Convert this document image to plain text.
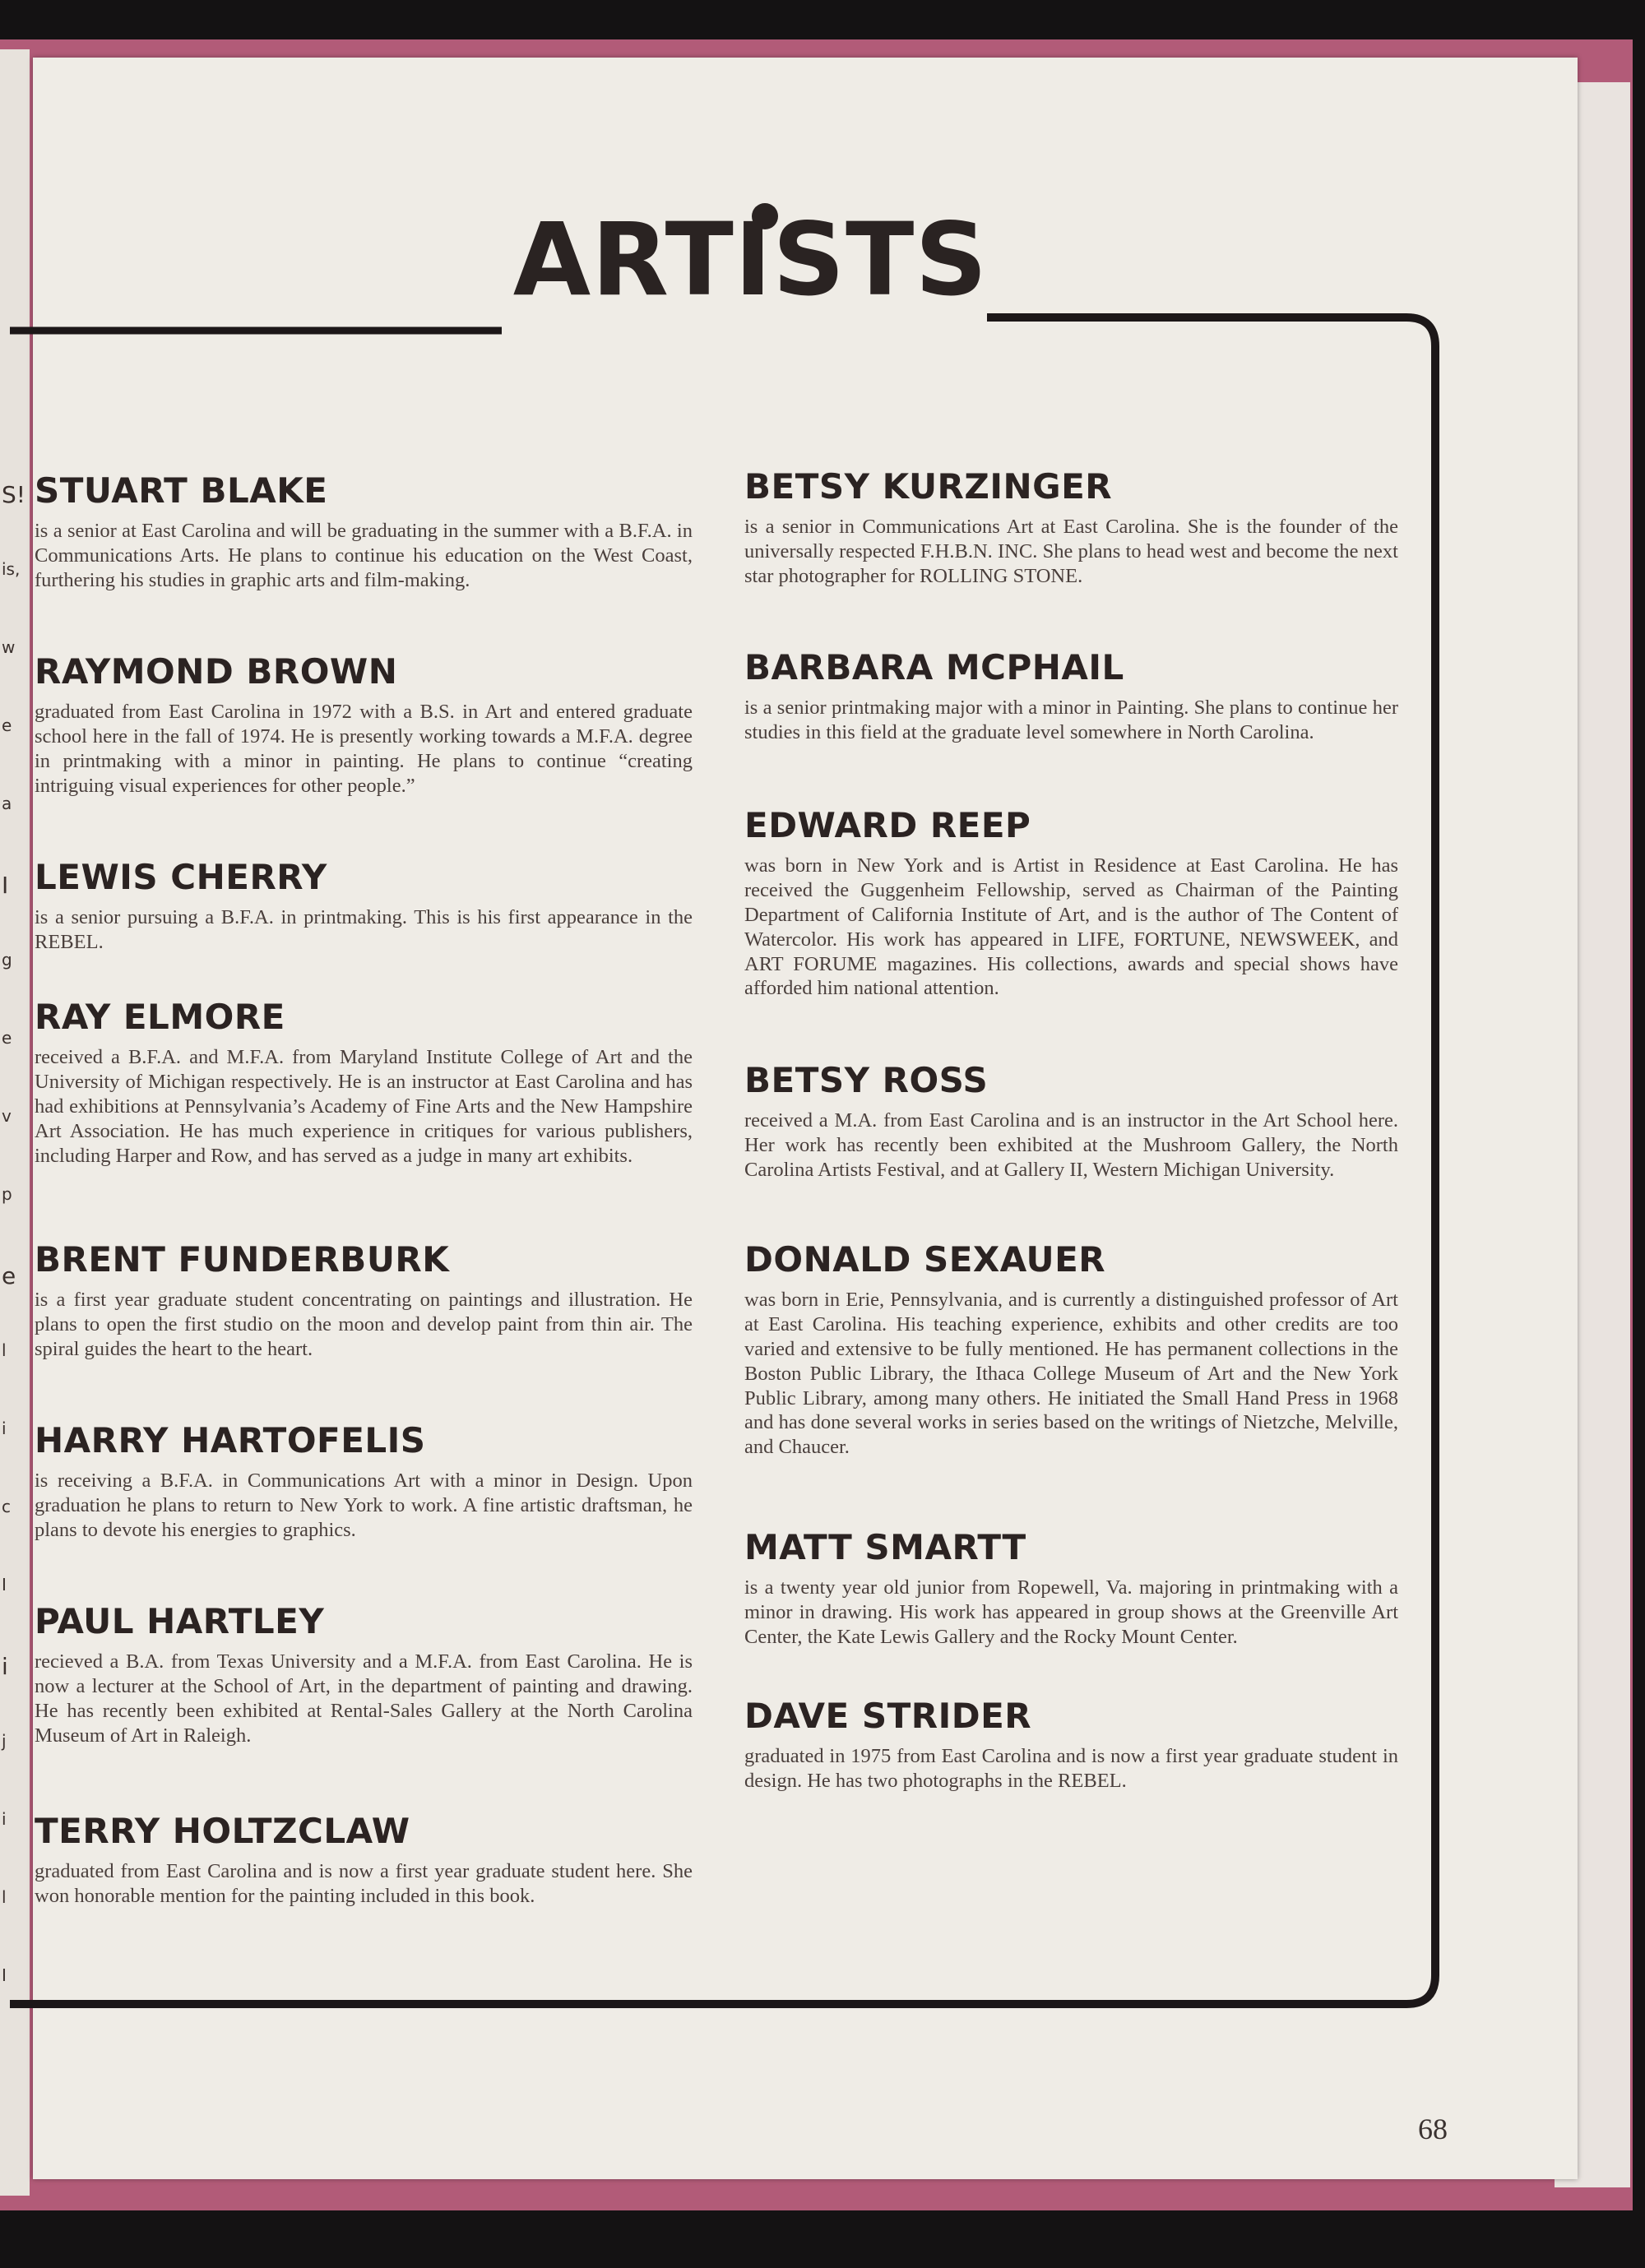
S!
is,
w
e
a
I
g
e
v
p
e
l
i
c
I
i
j
i
l
I
ARTISTS
STUART BLAKE

is a senior at East Carolina and will be graduating in the summer with a B.F.A. in Communications Arts. He plans to continue his education on the West Coast, furthering his studies in graphic arts and film-making.

RAYMOND BROWN

graduated from East Carolina in 1972 with a B.S. in Art and entered graduate school here in the fall of 1974. He is presently working towards a M.F.A. degree in printmaking with a minor in painting. He plans to continue “creating intriguing visual experiences for other people.”

LEWIS CHERRY

is a senior pursuing a B.F.A. in printmaking. This is his first appearance in the REBEL.

RAY ELMORE

received a B.F.A. and M.F.A. from Maryland Institute College of Art and the University of Michigan respectively. He is an instructor at East Carolina and has had exhibitions at Pennsylvania’s Academy of Fine Arts and the New Hampshire Art Association. He has much experience in critiques for various publishers, including Harper and Row, and has served as a judge in many art exhibits.

BRENT FUNDERBURK

is a first year graduate student concentrating on paintings and illustration. He plans to open the first studio on the moon and develop paint from thin air. The spiral guides the heart to the heart.

HARRY HARTOFELIS

is receiving a B.F.A. in Communications Art with a minor in Design. Upon graduation he plans to return to New York to work. A fine artistic draftsman, he plans to devote his energies to graphics.

PAUL HARTLEY

recieved a B.A. from Texas University and a M.F.A. from East Carolina. He is now a lecturer at the School of Art, in the department of painting and drawing. He has recently been exhibited at Rental-Sales Gallery at the North Carolina Museum of Art in Raleigh.

TERRY HOLTZCLAW

graduated from East Carolina and is now a first year graduate student here. She won honorable mention for the painting included in this book.

BETSY KURZINGER

is a senior in Communications Art at East Carolina. She is the founder of the universally respected F.H.B.N. INC. She plans to head west and become the next star photographer for ROLLING STONE.

BARBARA MCPHAIL

is a senior printmaking major with a minor in Painting. She plans to continue her studies in this field at the graduate level somewhere in North Carolina.

EDWARD REEP

was born in New York and is Artist in Residence at East Carolina. He has received the Guggenheim Fellowship, served as Chairman of the Painting Department of California Institute of Art, and is the author of The Content of Watercolor. His work has appeared in LIFE, FORTUNE, NEWSWEEK, and ART FORUME magazines. His collections, awards and special shows have afforded him national attention.

BETSY ROSS

received a M.A. from East Carolina and is an instructor in the Art School here. Her work has recently been exhibited at the Mushroom Gallery, the North Carolina Artists Festival, and at Gallery II, Western Michigan University.

DONALD SEXAUER

was born in Erie, Pennsylvania, and is currently a distinguished professor of Art at East Carolina. His teaching experience, exhibits and other credits are too varied and extensive to be fully mentioned. He has permanent collections in the Boston Public Library, the Ithaca College Museum of Art and the New York Public Library, among many others. He initiated the Small Hand Press in 1968 and has done several works in series based on the writings of Nietzche, Melville, and Chaucer.

MATT SMARTT

is a twenty year old junior from Ropewell, Va. majoring in printmaking with a minor in drawing. His work has appeared in group shows at the Greenville Art Center, the Kate Lewis Gallery and the Rocky Mount Center.

DAVE STRIDER

graduated in 1975 from East Carolina and is now a first year graduate student in design. He has two photographs in the REBEL.

68
